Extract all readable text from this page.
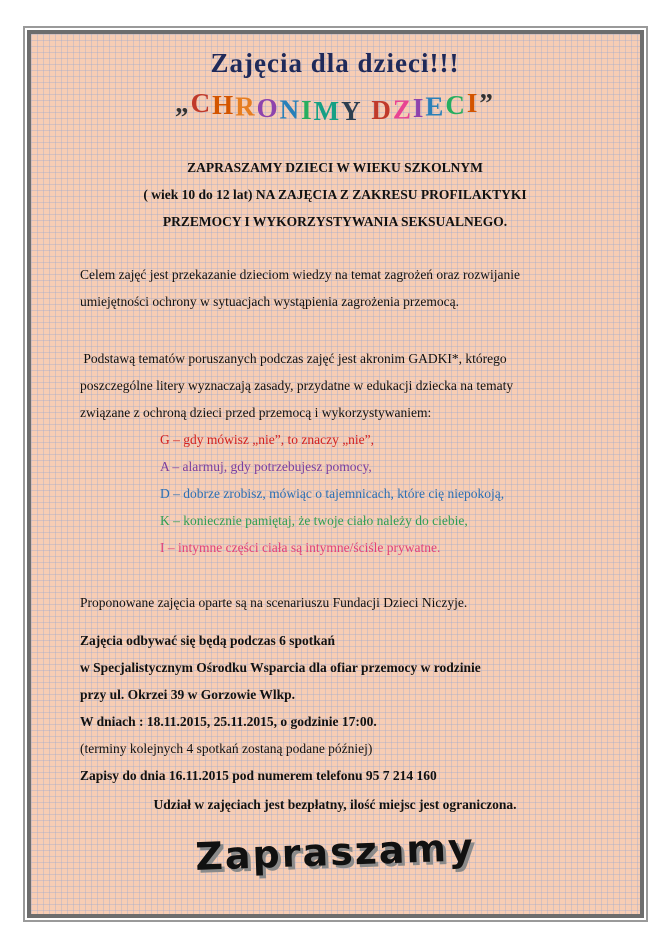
Zajęcia dla dzieci!!!
„CHRONIMY DZIECI”

ZAPRASZAMY DZIECI W WIEKU SZKOLNYM

( wiek 10 do 12 lat) NA ZAJĘCIA Z ZAKRESU PROFILAKTYKI

PRZEMOCY I WYKORZYSTYWANIA SEKSUALNEGO.

Celem zajęć jest przekazanie dzieciom wiedzy na temat zagrożeń oraz rozwijanie

umiejętności ochrony w sytuacjach wystąpienia zagrożenia przemocą.

Podstawą tematów poruszanych podczas zajęć jest akronim GADKI*, którego

poszczególne litery wyznaczają zasady, przydatne w edukacji dziecka na tematy

związane z ochroną dzieci przed przemocą i wykorzystywaniem:

G – gdy mówisz „nie”, to znaczy „nie”,

A – alarmuj, gdy potrzebujesz pomocy,

D – dobrze zrobisz, mówiąc o tajemnicach, które cię niepokoją,

K – koniecznie pamiętaj, że twoje ciało należy do ciebie,

I – intymne części ciała są intymne/ściśle prywatne.

Proponowane zajęcia oparte są na scenariuszu Fundacji Dzieci Niczyje.

Zajęcia odbywać się będą podczas 6 spotkań

w Specjalistycznym Ośrodku Wsparcia dla ofiar przemocy w rodzinie

przy ul. Okrzei 39 w Gorzowie Wlkp.

W dniach : 18.11.2015, 25.11.2015, o godzinie 17:00.

(terminy kolejnych 4 spotkań zostaną podane później)

Zapisy do dnia 16.11.2015 pod numerem telefonu 95 7 214 160

Udział w zajęciach jest bezpłatny, ilość miejsc jest ograniczona.

Zapraszamy
